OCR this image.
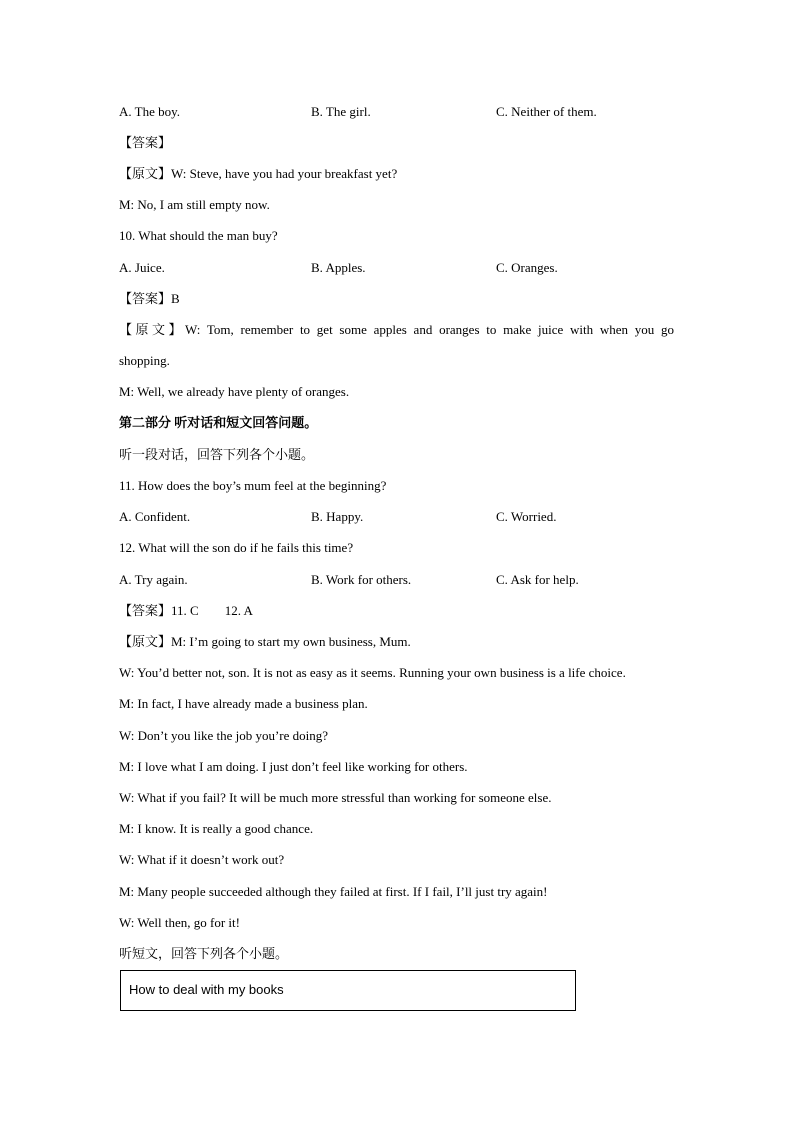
A. The boy.	B. The girl.	C. Neither of them.
【答案】
【原文】W: Steve, have you had your breakfast yet?
M: No, I am still empty now.
10. What should the man buy?
A. Juice.	B. Apples.	C. Oranges.
【答案】B
【原文】W: Tom, remember to get some apples and oranges to make juice with when you go
shopping.
M: Well, we already have plenty of oranges.
第二部分 听对话和短文回答问题。
听一段对话，回答下列各个小题。
11. How does the boy’s mum feel at the beginning?
A. Confident.	B. Happy.	C. Worried.
12. What will the son do if he fails this time?
A. Try again.	B. Work for others.	C. Ask for help.
【答案】11. C        12. A
【原文】M: I’m going to start my own business, Mum.
W: You’d better not, son. It is not as easy as it seems. Running your own business is a life choice.
M: In fact, I have already made a business plan.
W: Don’t you like the job you’re doing?
M: I love what I am doing. I just don’t feel like working for others.
W: What if you fail? It will be much more stressful than working for someone else.
M: I know. It is really a good chance.
W: What if it doesn’t work out?
M: Many people succeeded although they failed at first. If I fail, I’ll just try again!
W: Well then, go for it!
听短文，回答下列各个小题。
How to deal with my books
